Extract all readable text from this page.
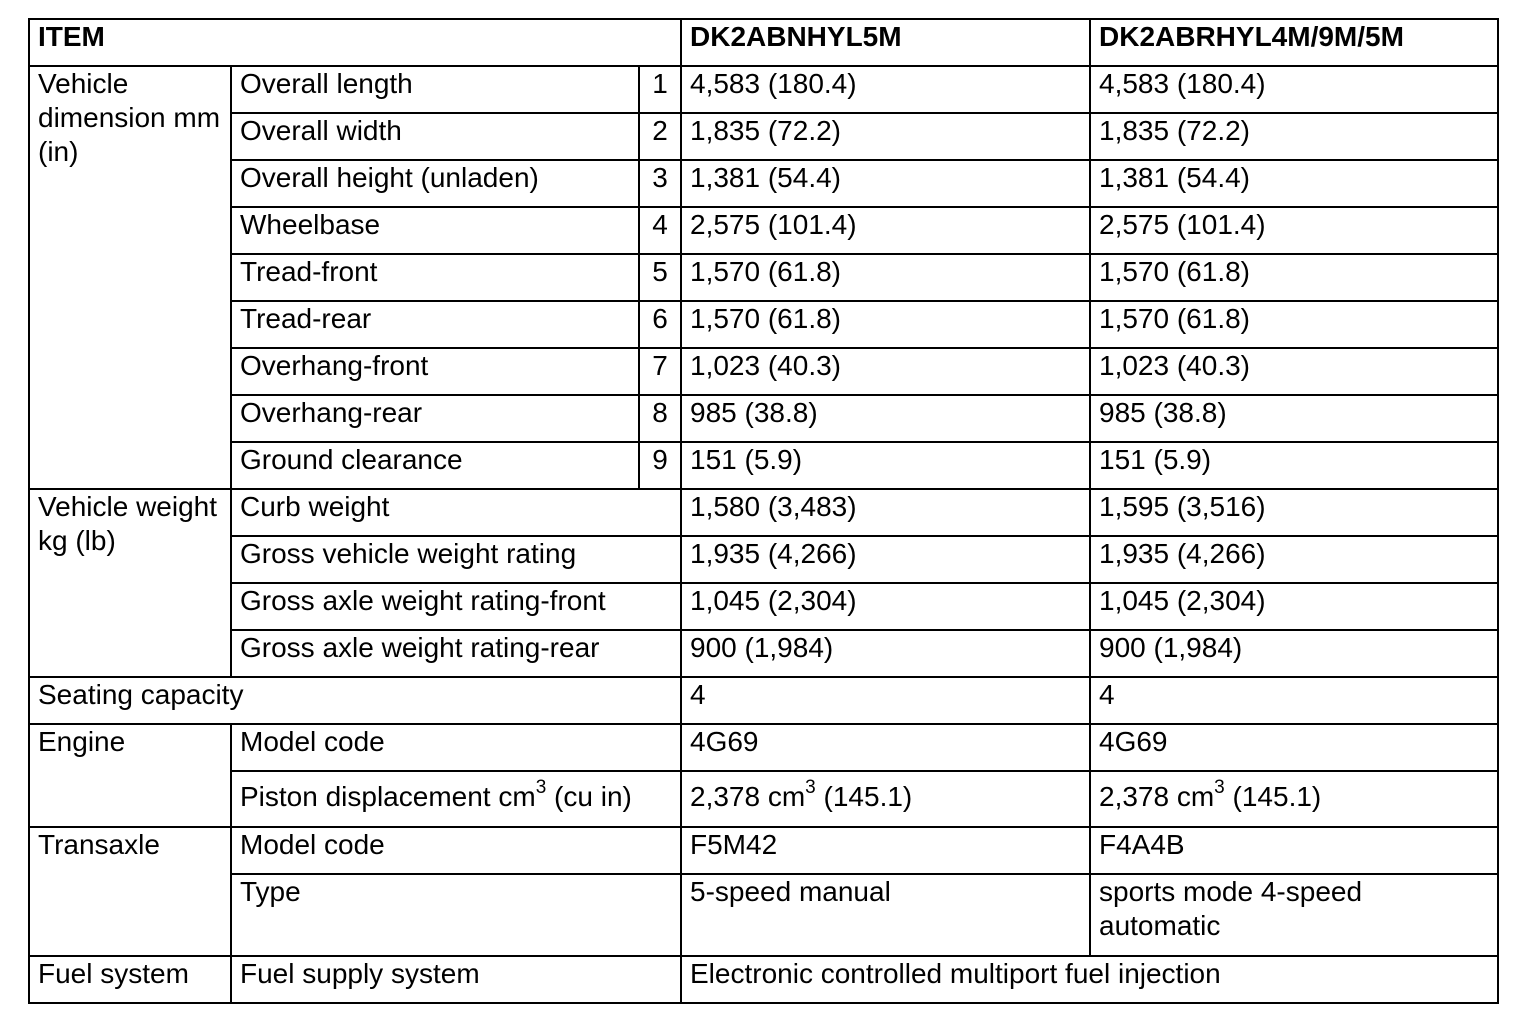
ITEM			DK2ABNHYL5M	DK2ABRHYL4M/9M/5M
Vehicle dimension mm (in)	Overall length	1	4,583 (180.4)	4,583 (180.4)
	Overall width	2	1,835 (72.2)	1,835 (72.2)
	Overall height (unladen)	3	1,381 (54.4)	1,381 (54.4)
	Wheelbase	4	2,575 (101.4)	2,575 (101.4)
	Tread-front	5	1,570 (61.8)	1,570 (61.8)
	Tread-rear	6	1,570 (61.8)	1,570 (61.8)
	Overhang-front	7	1,023 (40.3)	1,023 (40.3)
	Overhang-rear	8	985 (38.8)	985 (38.8)
	Ground clearance	9	151 (5.9)	151 (5.9)
Vehicle weight kg (lb)	Curb weight		1,580 (3,483)	1,595 (3,516)
	Gross vehicle weight rating		1,935 (4,266)	1,935 (4,266)
	Gross axle weight rating-front		1,045 (2,304)	1,045 (2,304)
	Gross axle weight rating-rear		900 (1,984)	900 (1,984)
Seating capacity			4	4
Engine	Model code		4G69	4G69
	Piston displacement $cm^3$ (cu in)		2,378 $cm^3$ (145.1)	2,378 $cm^3$ (145.1)
Transaxle	Model code		F5M42	F4A4B
	Type		5-speed manual	sports mode 4-speed automatic
Fuel system	Fuel supply system		Electronic controlled multiport fuel injection	
